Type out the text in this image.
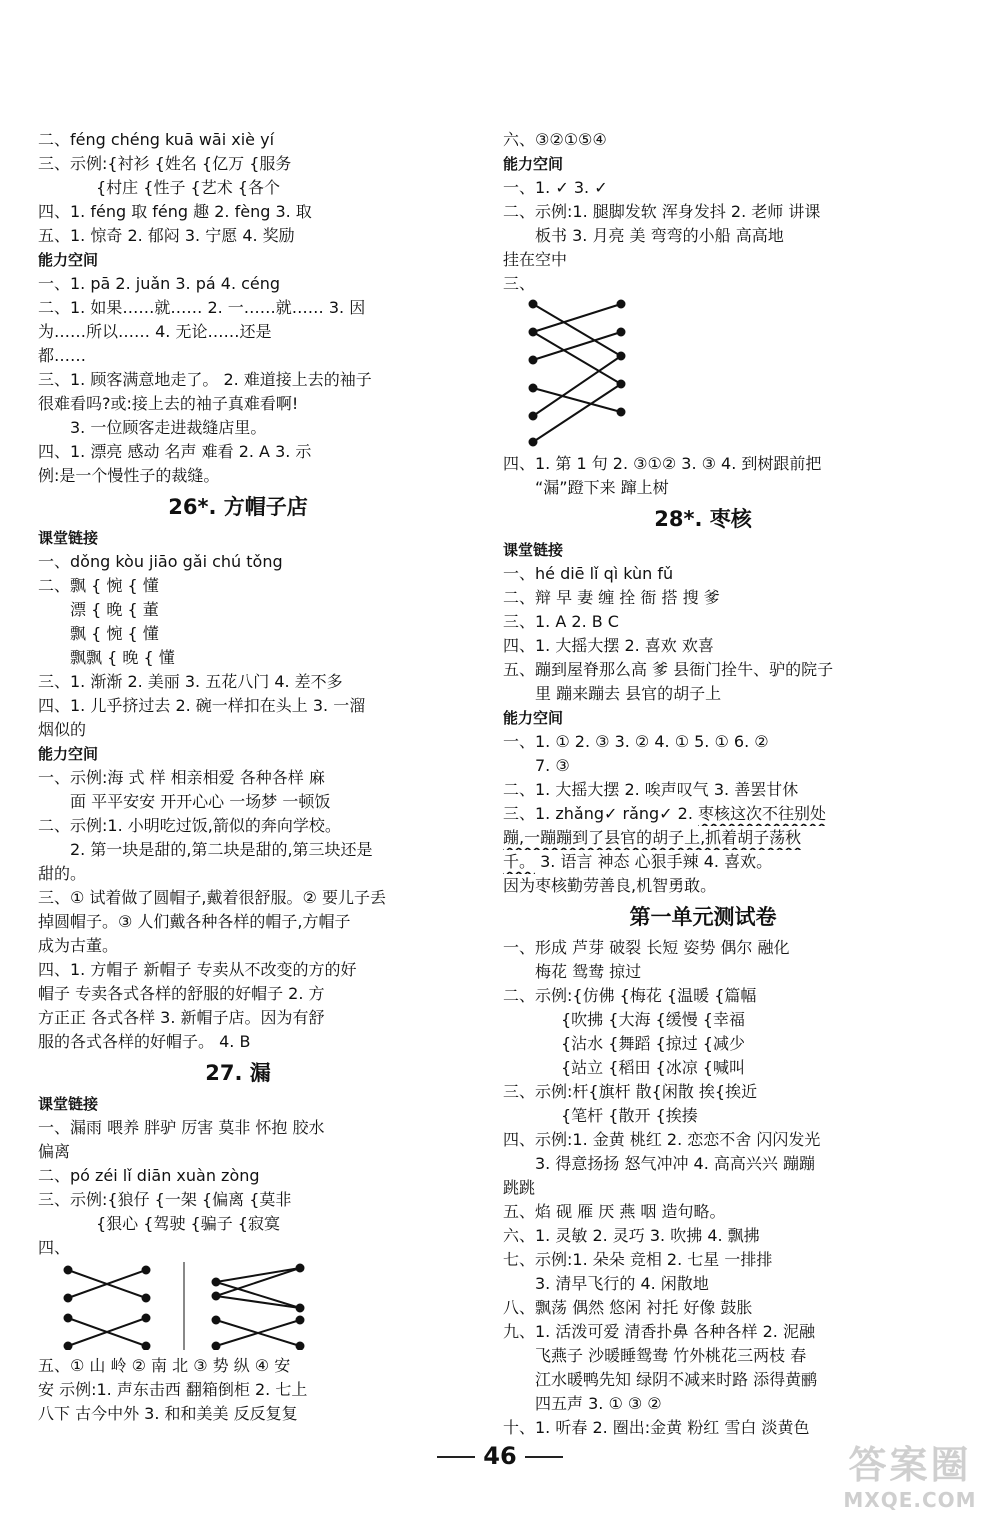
二、féng chéng kuā wāi xiè yí
三、示例:{衬衫 {姓名 {亿万 {服务
{村庄 {性子 {艺术 {各个
四、1. féng 取 féng 趣 2. fèng 3. 取
五、1. 惊奇 2. 郁闷 3. 宁愿 4. 奖励
能力空间
一、1. pā 2. juǎn 3. pá 4. céng
二、1. 如果……就…… 2. 一……就…… 3. 因
为……所以…… 4. 无论……还是
都……
三、1. 顾客满意地走了。 2. 难道接上去的袖子
很难看吗?或:接上去的袖子真难看啊!
3. 一位顾客走进裁缝店里。
四、1. 漂亮 感动 名声 难看 2. A 3. 示
例:是一个慢性子的裁缝。
26*. 方帽子店
课堂链接
一、dǒng kòu jiāo gǎi chú tǒng
二、飘 { 惋 { 懂
漂 { 晚 { 董
飘 { 惋 { 懂
飘飘 { 晚 { 懂
三、1. 渐渐 2. 美丽 3. 五花八门 4. 差不多
四、1. 儿乎挤过去 2. 碗一样扣在头上 3. 一溜
烟似的
能力空间
一、示例:海 式 样 相亲相爱 各种各样 麻
面 平平安安 开开心心 一场梦 一顿饭
二、示例:1. 小明吃过饭,箭似的奔向学校。
2. 第一块是甜的,第二块是甜的,第三块还是
甜的。
三、① 试着做了圆帽子,戴着很舒服。② 要儿子丢
掉圆帽子。③ 人们戴各种各样的帽子,方帽子
成为古董。
四、1. 方帽子 新帽子 专卖从不改变的方的好
帽子 专卖各式各样的舒服的好帽子 2. 方
方正正 各式各样 3. 新帽子店。因为有舒
服的各式各样的好帽子。 4. B
27. 漏
课堂链接
一、漏雨 喂养 胖驴 厉害 莫非 怀抱 胶水
偏离
二、pó zéi lǐ diān xuàn zòng
三、示例:{狼仔 {一架 {偏离 {莫非
{狠心 {驾驶 {骗子 {寂寞
四、
五、① 山 岭 ② 南 北 ③ 势 纵 ④ 安
安 示例:1. 声东击西 翻箱倒柜 2. 七上
八下 古今中外 3. 和和美美 反反复复
六、③②①⑤④
能力空间
一、1. ✓ 3. ✓
二、示例:1. 腿脚发软 浑身发抖 2. 老师 讲课
板书 3. 月亮 美 弯弯的小船 高高地
挂在空中
三、
四、1. 第 1 句 2. ③①② 3. ③ 4. 到树跟前把
“漏”蹬下来 蹿上树
28*. 枣核
课堂链接
一、hé diē lǐ qì kùn fǔ
二、辩 早 妻 缠 拴 衙 搭 搜 爹
三、1. A 2. B C
四、1. 大摇大摆 2. 喜欢 欢喜
五、蹦到屋脊那么高 爹 县衙门拴牛、驴的院子
里 蹦来蹦去 县官的胡子上
能力空间
一、1. ① 2. ③ 3. ② 4. ① 5. ① 6. ②
7. ③
二、1. 大摇大摆 2. 唉声叹气 3. 善罢甘休
三、1. zhǎng✓ rǎng✓ 2. 枣核这次不往别处
蹦,一蹦蹦到了县官的胡子上,抓着胡子荡秋
千。 3. 语言 神态 心狠手辣 4. 喜欢。
因为枣核勤劳善良,机智勇敢。
第一单元测试卷
一、形成 芦芽 破裂 长短 姿势 偶尔 融化
梅花 鸳鸯 掠过
二、示例:{仿佛 {梅花 {温暖 {篇幅
{吹拂 {大海 {缓慢 {幸福
{沾水 {舞蹈 {掠过 {减少
{站立 {稻田 {冰凉 {喊叫
三、示例:杆{旗杆 散{闲散 挨{挨近
{笔杆 {散开 {挨揍
四、示例:1. 金黄 桃红 2. 恋恋不舍 闪闪发光
3. 得意扬扬 怒气冲冲 4. 高高兴兴 蹦蹦
跳跳
五、焰 砚 雁 厌 燕 咽 造句略。
六、1. 灵敏 2. 灵巧 3. 吹拂 4. 飘拂
七、示例:1. 朵朵 竞相 2. 七星 一排排
3. 清早飞行的 4. 闲散地
八、飘荡 偶然 悠闲 衬托 好像 鼓胀
九、1. 活泼可爱 清香扑鼻 各种各样 2. 泥融
飞燕子 沙暖睡鸳鸯 竹外桃花三两枝 春
江水暖鸭先知 绿阴不减来时路 添得黄鹂
四五声 3. ① ③ ②
十、1. 听春 2. 圈出:金黄 粉红 雪白 淡黄色
46	答案圈
MXQE.COM
